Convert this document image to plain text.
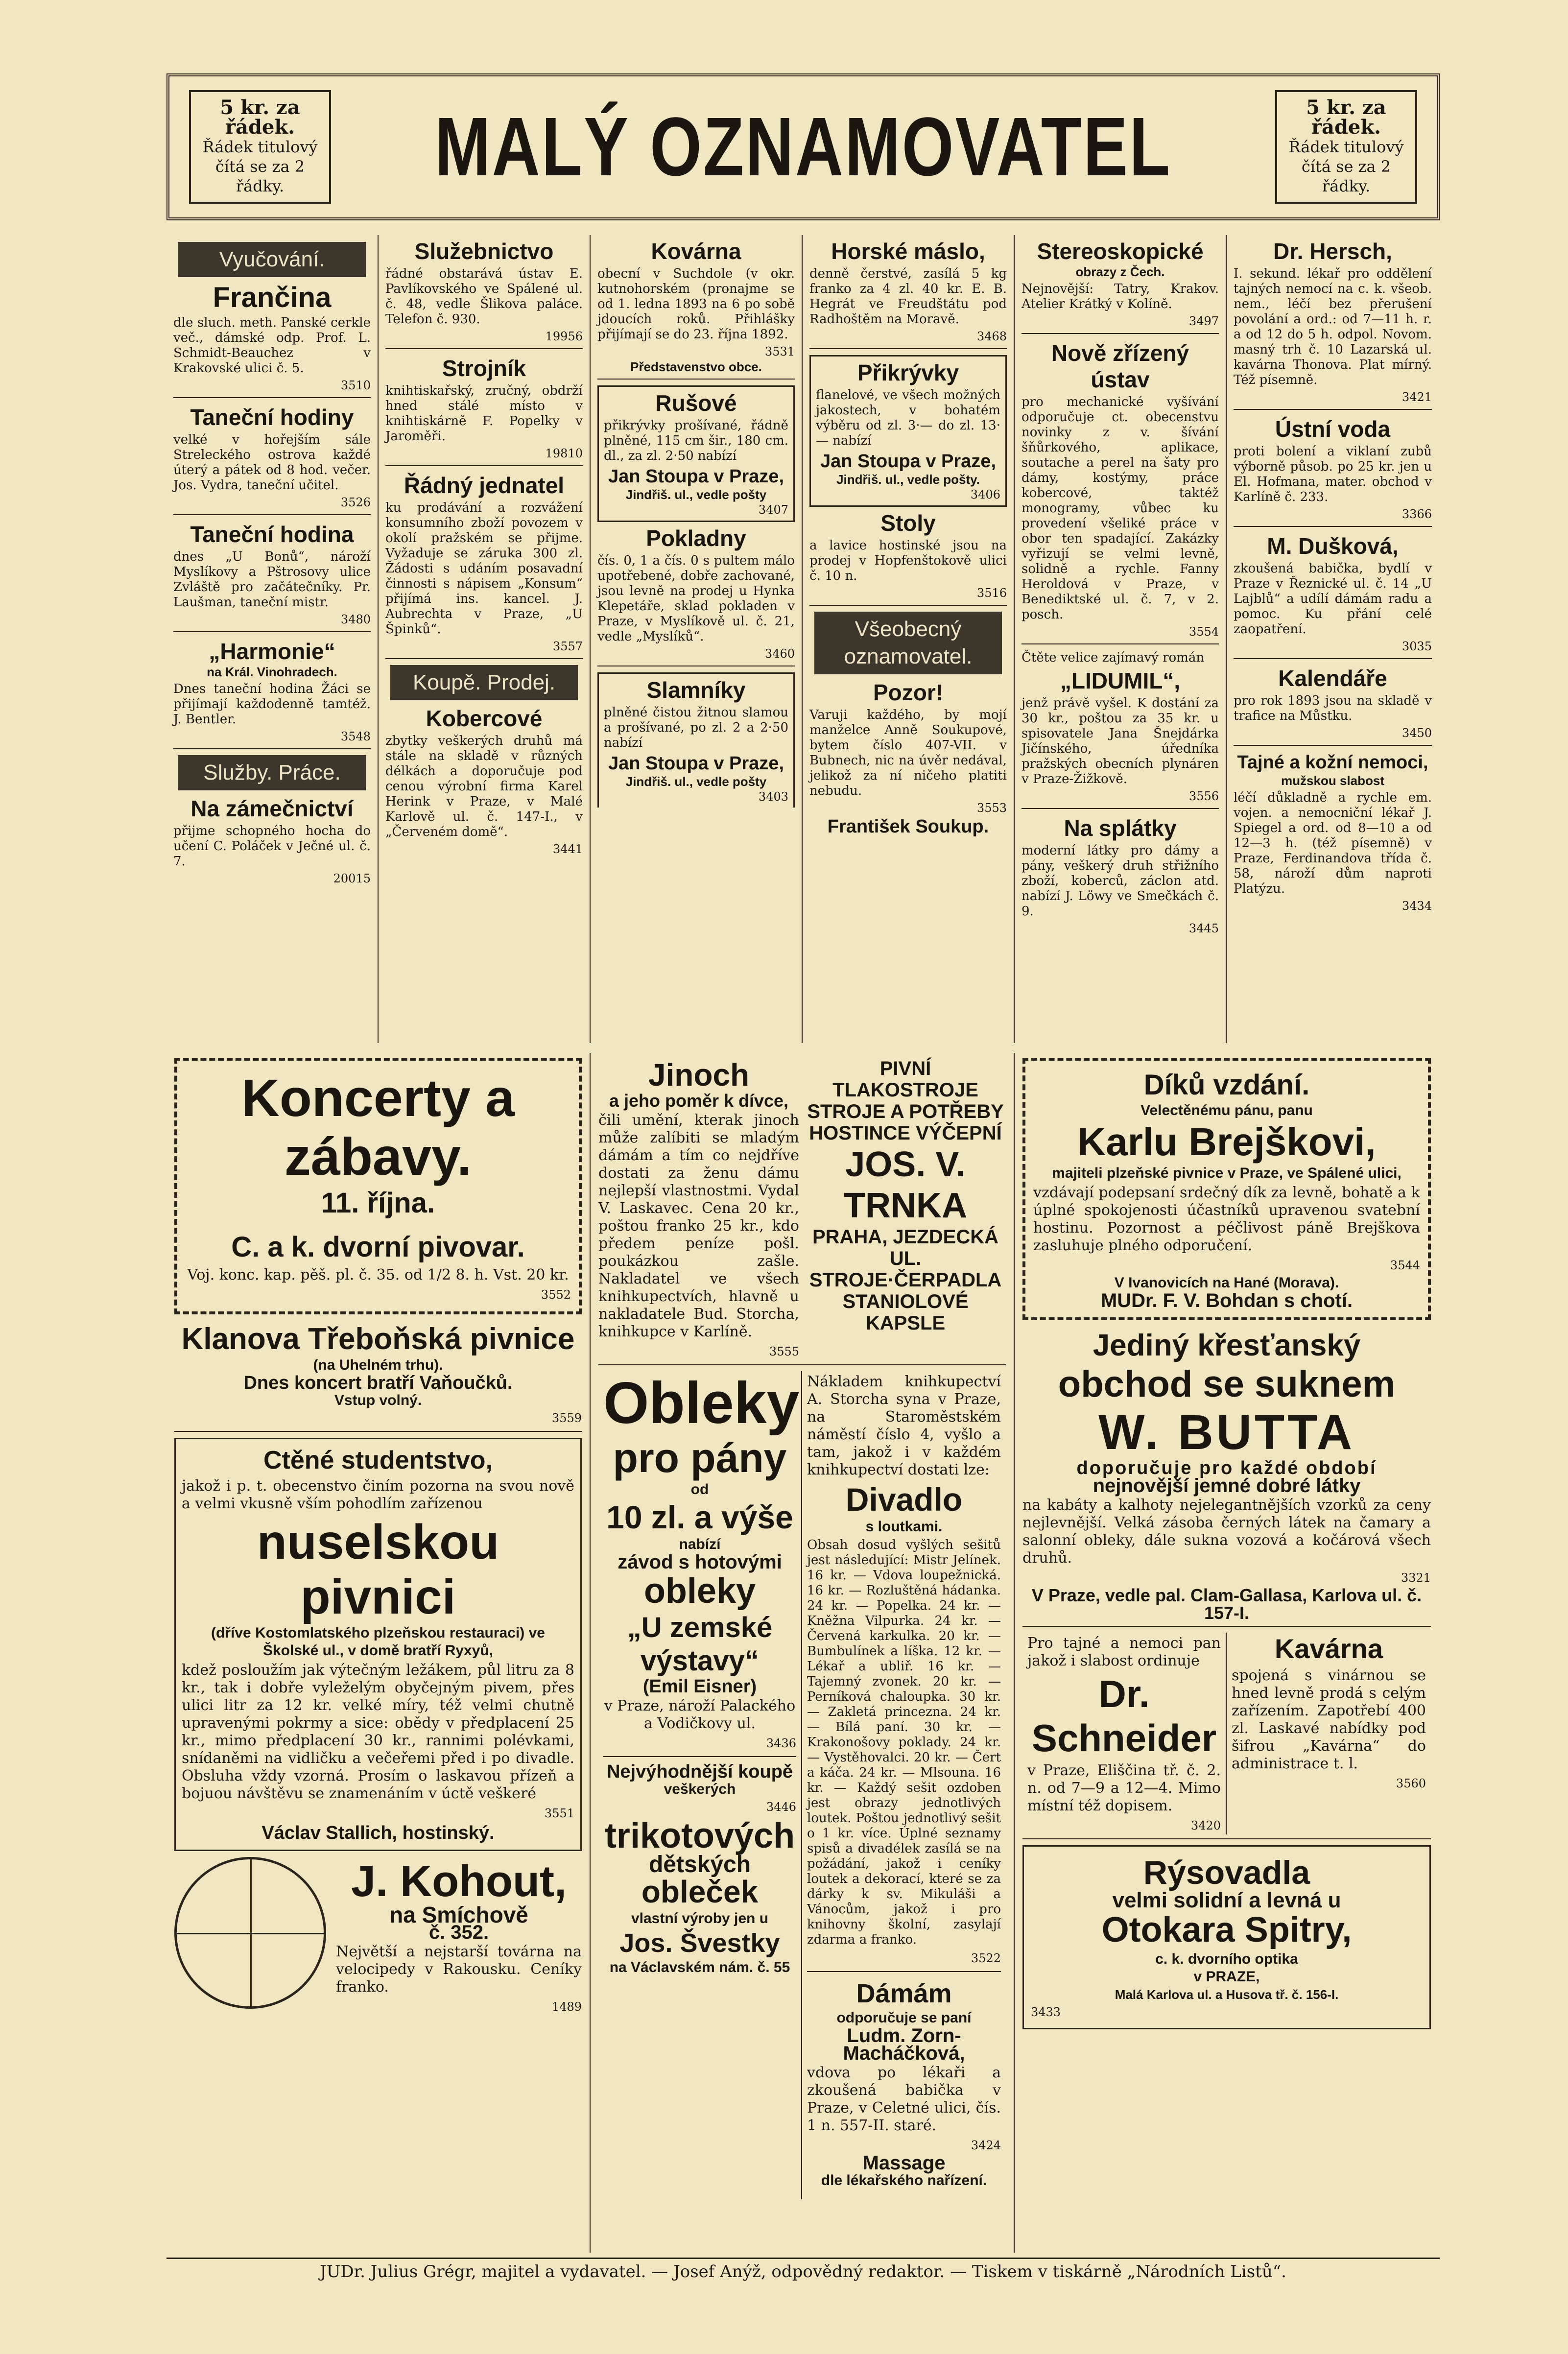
5 kr. za řádek.
Řádek titulový čítá se za 2 řádky.	MALÝ OZNAMOVATEL	5 kr. za řádek.
Řádek titulový čítá se za 2 řádky.
Vyučování.
Frančina

dle sluch. meth. Panské cerkle več., dámské odp. Prof. L. Schmidt-Beauchez v Krakovské ulici č. 5.

3510
Taneční hodiny

velké v hořejším sále Streleckého ostrova každé úterý a pátek od 8 hod. večer. Jos. Vydra, taneční učitel.

3526
Taneční hodina

dnes „U Bonů“, nároží Myslíkovy a Pštrosovy ulice Zvláště pro začátečníky. Pr. Laušman, taneční mistr.

3480
„Harmonie“
na Král. Vinohradech.

Dnes taneční hodina Žáci se přijímají každodenně tamtéž. J. Bentler.

3548
Služby. Práce.
Na zámečnictví

přijme schopného hocha do učení C. Poláček v Ječné ul. č. 7.

20015
Služebnictvo

řádné obstarává ústav E. Pavlíkovského ve Spálené ul. č. 48, vedle Šlikova paláce. Telefon č. 930.

19956
Strojník

knihtiskařský, zručný, obdrží hned stálé místo v knihtiskárně F. Popelky v Jaroměři.

19810
Řádný jednatel

ku prodávání a rozvážení konsumního zboží povozem v okolí pražském se přijme. Vyžaduje se záruka 300 zl. Žádosti s udáním posavadní činnosti s nápisem „Konsum“ přijímá ins. kancel. J. Aubrechta v Praze, „U Špinků“.

3557
Koupě. Prodej.
Kobercové

zbytky veškerých druhů má stále na skladě v různých délkách a doporučuje pod cenou výrobní firma Karel Herink v Praze, v Malé Karlově ul. č. 147-I., v „Červeném domě“.

3441
Kovárna

obecní v Suchdole (v okr. kutnohorském (pronajme se od 1. ledna 1893 na 6 po sobě jdoucích roků. Přihlášky přijímají se do 23. října 1892.

3531
Představenstvo obce.
Rušové

přikrývky prošívané, řádně plněné, 115 cm šir., 180 cm. dl., za zl. 2·50 nabízí

Jan Stoupa v Praze,
Jindřiš. ul., vedle pošty
3407
Pokladny

čís. 0, 1 a čís. 0 s pultem málo upotřebené, dobře zachované, jsou levně na prodej u Hynka Klepetáře, sklad pokladen v Praze, v Myslíkově ul. č. 21, vedle „Myslíků“.

3460
Slamníky

plněné čistou žitnou slamou a prošívané, po zl. 2 a 2·50 nabízí

Jan Stoupa v Praze,
Jindřiš. ul., vedle pošty
3403
Horské máslo,

denně čerstvé, zasílá 5 kg franko za 4 zl. 40 kr. E. B. Hegrát ve Freudštátu pod Radhoštěm na Moravě.

3468
Přikrývky

flanelové, ve všech možných jakostech, v bohatém výběru od zl. 3·— do zl. 13·— nabízí

Jan Stoupa v Praze,
Jindřiš. ul., vedle pošty.
3406
Stoly

a lavice hostinské jsou na prodej v Hopfenštokově ulici č. 10 n.

3516
Všeobecný oznamovatel.
Pozor!

Varuji každého, by mojí manželce Anně Soukupové, bytem číslo 407-VII. v Bubnech, nic na úvěr nedával, jelikož za ní ničeho platiti nebudu.

3553
František Soukup.
Stereoskopické
obrazy z Čech.

Nejnovější: Tatry, Krakov. Atelier Krátký v Kolíně.

3497
Nově zřízený ústav

pro mechanické vyšívání odporučuje ct. obecenstvu novinky z v. šívání šňůrkového, aplikace, soutache a perel na šaty pro dámy, kostýmy, práce kobercové, taktéž monogramy, vůbec ku provedení všeliké práce v obor ten spadající. Zakázky vyřizují se velmi levně, solidně a rychle. Fanny Heroldová v Praze, v Benediktské ul. č. 7, v 2. posch.

3554

Čtěte velice zajímavý román

„LIDUMIL“,

jenž právě vyšel. K dostání za 30 kr., poštou za 35 kr. u spisovatele Jana Šnejdárka Jičínského, úředníka pražských obecních plynáren v Praze-Žižkově.

3556
Na splátky

moderní látky pro dámy a pány, veškerý druh střižního zboží, koberců, záclon atd. nabízí J. Löwy ve Smečkách č. 9.

3445
Dr. Hersch,

I. sekund. lékař pro oddělení tajných nemocí na c. k. všeob. nem., léčí bez přerušení povolání a ord.: od 7—11 h. r. a od 12 do 5 h. odpol. Novom. masný trh č. 10 Lazarská ul. kavárna Thonova. Plat mírný. Též písemně.

3421
Ústní voda

proti bolení a viklaní zubů výborně působ. po 25 kr. jen u El. Hofmana, mater. obchod v Karlíně č. 233.

3366
M. Dušková,

zkoušená babička, bydlí v Praze v Řeznické ul. č. 14 „U Lajblů“ a udílí dámám radu a pomoc. Ku přání celé zaopatření.

3035
Kalendáře

pro rok 1893 jsou na skladě v trafice na Můstku.

3450
Tajné a kožní nemoci,
mužskou slabost

léčí důkladně a rychle em. vojen. a nemocniční lékař J. Spiegel a ord. od 8—10 a od 12—3 h. (též písemně) v Praze, Ferdinandova třída č. 58, nároží dům naproti Platýzu.

3434
Koncerty a zábavy.
11. října.
C. a k. dvorní pivovar.

Voj. konc. kap. pěš. pl. č. 35. od 1/2 8. h. Vst. 20 kr.

3552
Klanova Třeboňská pivnice
(na Uhelném trhu).
Dnes koncert bratří Vaňoučků.
Vstup volný.
3559
Ctěné studentstvo,

jakož i p. t. obecenstvo činím pozorna na svou nově a velmi vkusně vším pohodlím zařízenou

nuselskou pivnici
(dříve Kostomlatského plzeňskou restauraci) ve Školské ul., v domě bratří Ryxyů,

kdež posloužím jak výtečným ležákem, půl litru za 8 kr., tak i dobře vyleželým obyčejným pivem, přes ulici litr za 12 kr. velké míry, též velmi chutně upravenými pokrmy a sice: obědy v předplacení 25 kr., mimo předplacení 30 kr., rannimi polévkami, snídaněmi na vidličku a večeřemi před i po divadle. Obsluha vždy vzorná. Prosím o laskavou přízeň a bojuou návštěvu se znamenáním v úctě veškeré

3551
Václav Stallich, hostinský.
J. Kohout,
na Smíchově
č. 352.

Největší a nejstarší továrna na velocipedy v Rakousku. Ceníky franko.

1489
Jinoch
a jeho poměr k dívce,

čili umění, kterak jinoch může zalíbiti se mladým dámám a tím co nejdříve dostati za ženu dámu nejlepší vlastnostmi. Vydal V. Laskavec. Cena 20 kr., poštou franko 25 kr., kdo předem peníze pošl. poukázkou zašle. Nakladatel ve všech knihkupectvích, hlavně u nakladatele Bud. Storcha, knihkupce v Karlíně.

3555
PIVNÍ TLAKOSTROJE
STROJE A POTŘEBY
HOSTINCE VÝČEPNÍ
JOS. V. TRNKA
PRAHA, JEZDECKÁ UL.
STROJE·ČERPADLA
STANIOLOVÉ KAPSLE
Obleky
pro pány
od
10 zl. a výše
nabízí
závod s hotovými
obleky
„U zemské výstavy“
(Emil Eisner)

v Praze, nároží Palackého a Vodičkovy ul.

3436
Nejvýhodnější koupě
veškerých
3446
trikotových
dětských
obleček
vlastní výroby jen u
Jos. Švestky
na Václavském nám. č. 55

Nákladem knihkupectví A. Storcha syna v Praze, na Staroměstském náměstí číslo 4, vyšlo a tam, jakož i v každém knihkupectví dostati lze:

Divadlo
s loutkami.

Obsah dosud vyšlých sešitů jest následující: Mistr Jelínek. 16 kr. — Vdova loupežnická. 16 kr. — Rozluštěná hádanka. 24 kr. — Popelka. 24 kr. — Kněžna Vilpurka. 24 kr. — Červená karkulka. 20 kr. — Bumbulínek a líška. 12 kr. — Lékař a ubliř. 16 kr. — Tajemný zvonek. 20 kr. — Perníková chaloupka. 30 kr. — Zakletá princezna. 24 kr. — Bílá paní. 30 kr. — Krakonošovy poklady. 24 kr. — Vystěhovalci. 20 kr. — Čert a káča. 24 kr. — Mlsouna. 16 kr. — Každý sešit ozdoben jest obrazy jednotlivých loutek. Poštou jednotlivý sešit o 1 kr. více. Úplné seznamy spisů a divadélek zasílá se na požádání, jakož i ceníky loutek a dekorací, které se za dárky k sv. Mikuláši a Vánocům, jakož i pro knihovny školní, zasylají zdarma a franko.

3522
Dámám
odporučuje se paní
Ludm. Zorn-Macháčková,

vdova po lékaři a zkoušená babička v Praze, v Celetné ulici, čís. 1 n. 557-II. staré.

3424
Massage
dle lékařského nařízení.
Díků vzdání.
Velectěnému pánu, panu
Karlu Brejškovi,
majiteli plzeňské pivnice v Praze, ve Spálené ulici,

vzdávají podepsaní srdečný dík za levně, bohatě a k úplné spokojenosti účastníků upravenou svatební hostinu. Pozornost a péčlivost páně Brejškova zasluhuje plného odporučení.

3544
V Ivanovicích na Hané (Morava).
MUDr. F. V. Bohdan s chotí.
Jediný křesťanský
obchod se suknem
W. BUTTA
doporučuje pro každé období
nejnovější jemné dobré látky

na kabáty a kalhoty nejelegantnějších vzorků za ceny nejlevnější. Velká zásoba černých látek na čamary a salonní obleky, dále sukna vozová a kočárová všech druhů.

3321
V Praze, vedle pal. Clam-Gallasa, Karlova ul. č. 157-I.

Pro tajné a nemoci pan jakož i slabost ordinuje

Dr. Schneider

v Praze, Eliščina tř. č. 2. n. od 7—9 a 12—4. Mimo místní též dopisem.

3420
Kavárna

spojená s vinárnou se hned levně prodá s celým zařízením. Zapotřebí 400 zl. Laskavé nabídky pod šifrou „Kavárna“ do administrace t. l.

3560
Rýsovadla
velmi solidní a levná u
Otokara Spitry,
c. k. dvorního optika
v PRAZE,
Malá Karlova ul. a Husova tř. č. 156-I.
3433
JUDr. Julius Grégr, majitel a vydavatel. — Josef Anýž, odpovědný redaktor. — Tiskem v tiskárně „Národních Listů“.
